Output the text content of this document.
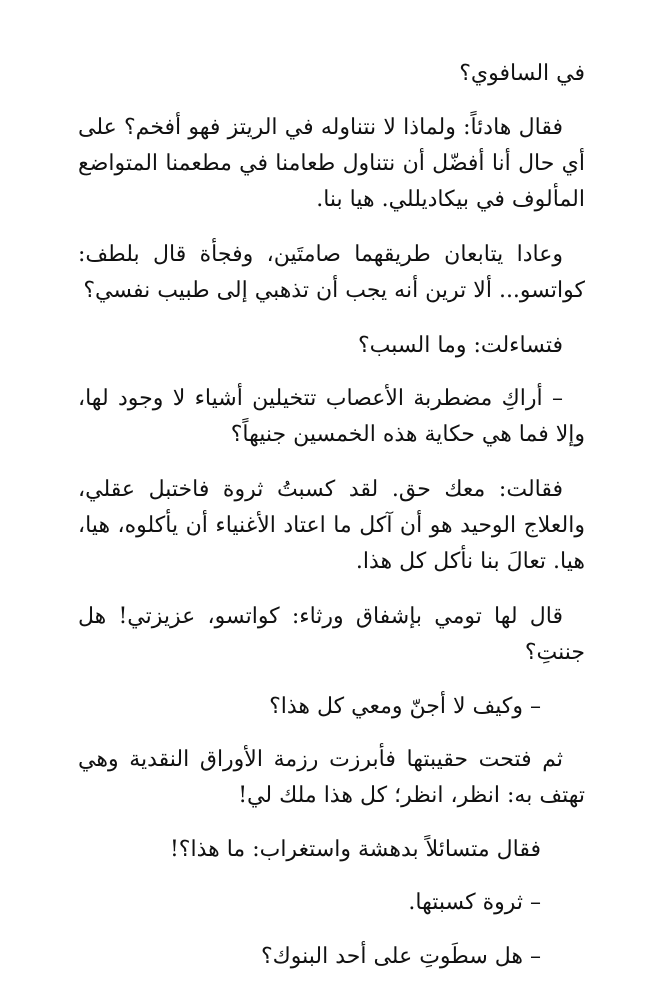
في السافوي؟

فقال هادئاً: ولماذا لا نتناوله في الريتز فهو أفخم؟ على أي حال أنا أفضّل أن نتناول طعامنا في مطعمنا المتواضع المألوف في بيكاديللي. هيا بنا.

وعادا يتابعان طريقهما صامتَين، وفجأة قال بلطف: كواتسو... ألا ترين أنه يجب أن تذهبي إلى طبيب نفسي؟

فتساءلت: وما السبب؟

– أراكِ مضطربة الأعصاب تتخيلين أشياء لا وجود لها، وإلا فما هي حكاية هذه الخمسين جنيهاً؟

فقالت: معك حق. لقد كسبتُ ثروة فاختبل عقلي، والعلاج الوحيد هو أن آكل ما اعتاد الأغنياء أن يأكلوه، هيا، هيا. تعالَ بنا نأكل كل هذا.

قال لها تومي بإشفاق ورثاء: كواتسو، عزيزتي! هل جننتِ؟

– وكيف لا أجنّ ومعي كل هذا؟

ثم فتحت حقيبتها فأبرزت رزمة الأوراق النقدية وهي تهتف به: انظر، انظر؛ كل هذا ملك لي!

فقال متسائلاً بدهشة واستغراب: ما هذا؟!

– ثروة كسبتها.

– هل سطَوتِ على أحد البنوك؟
